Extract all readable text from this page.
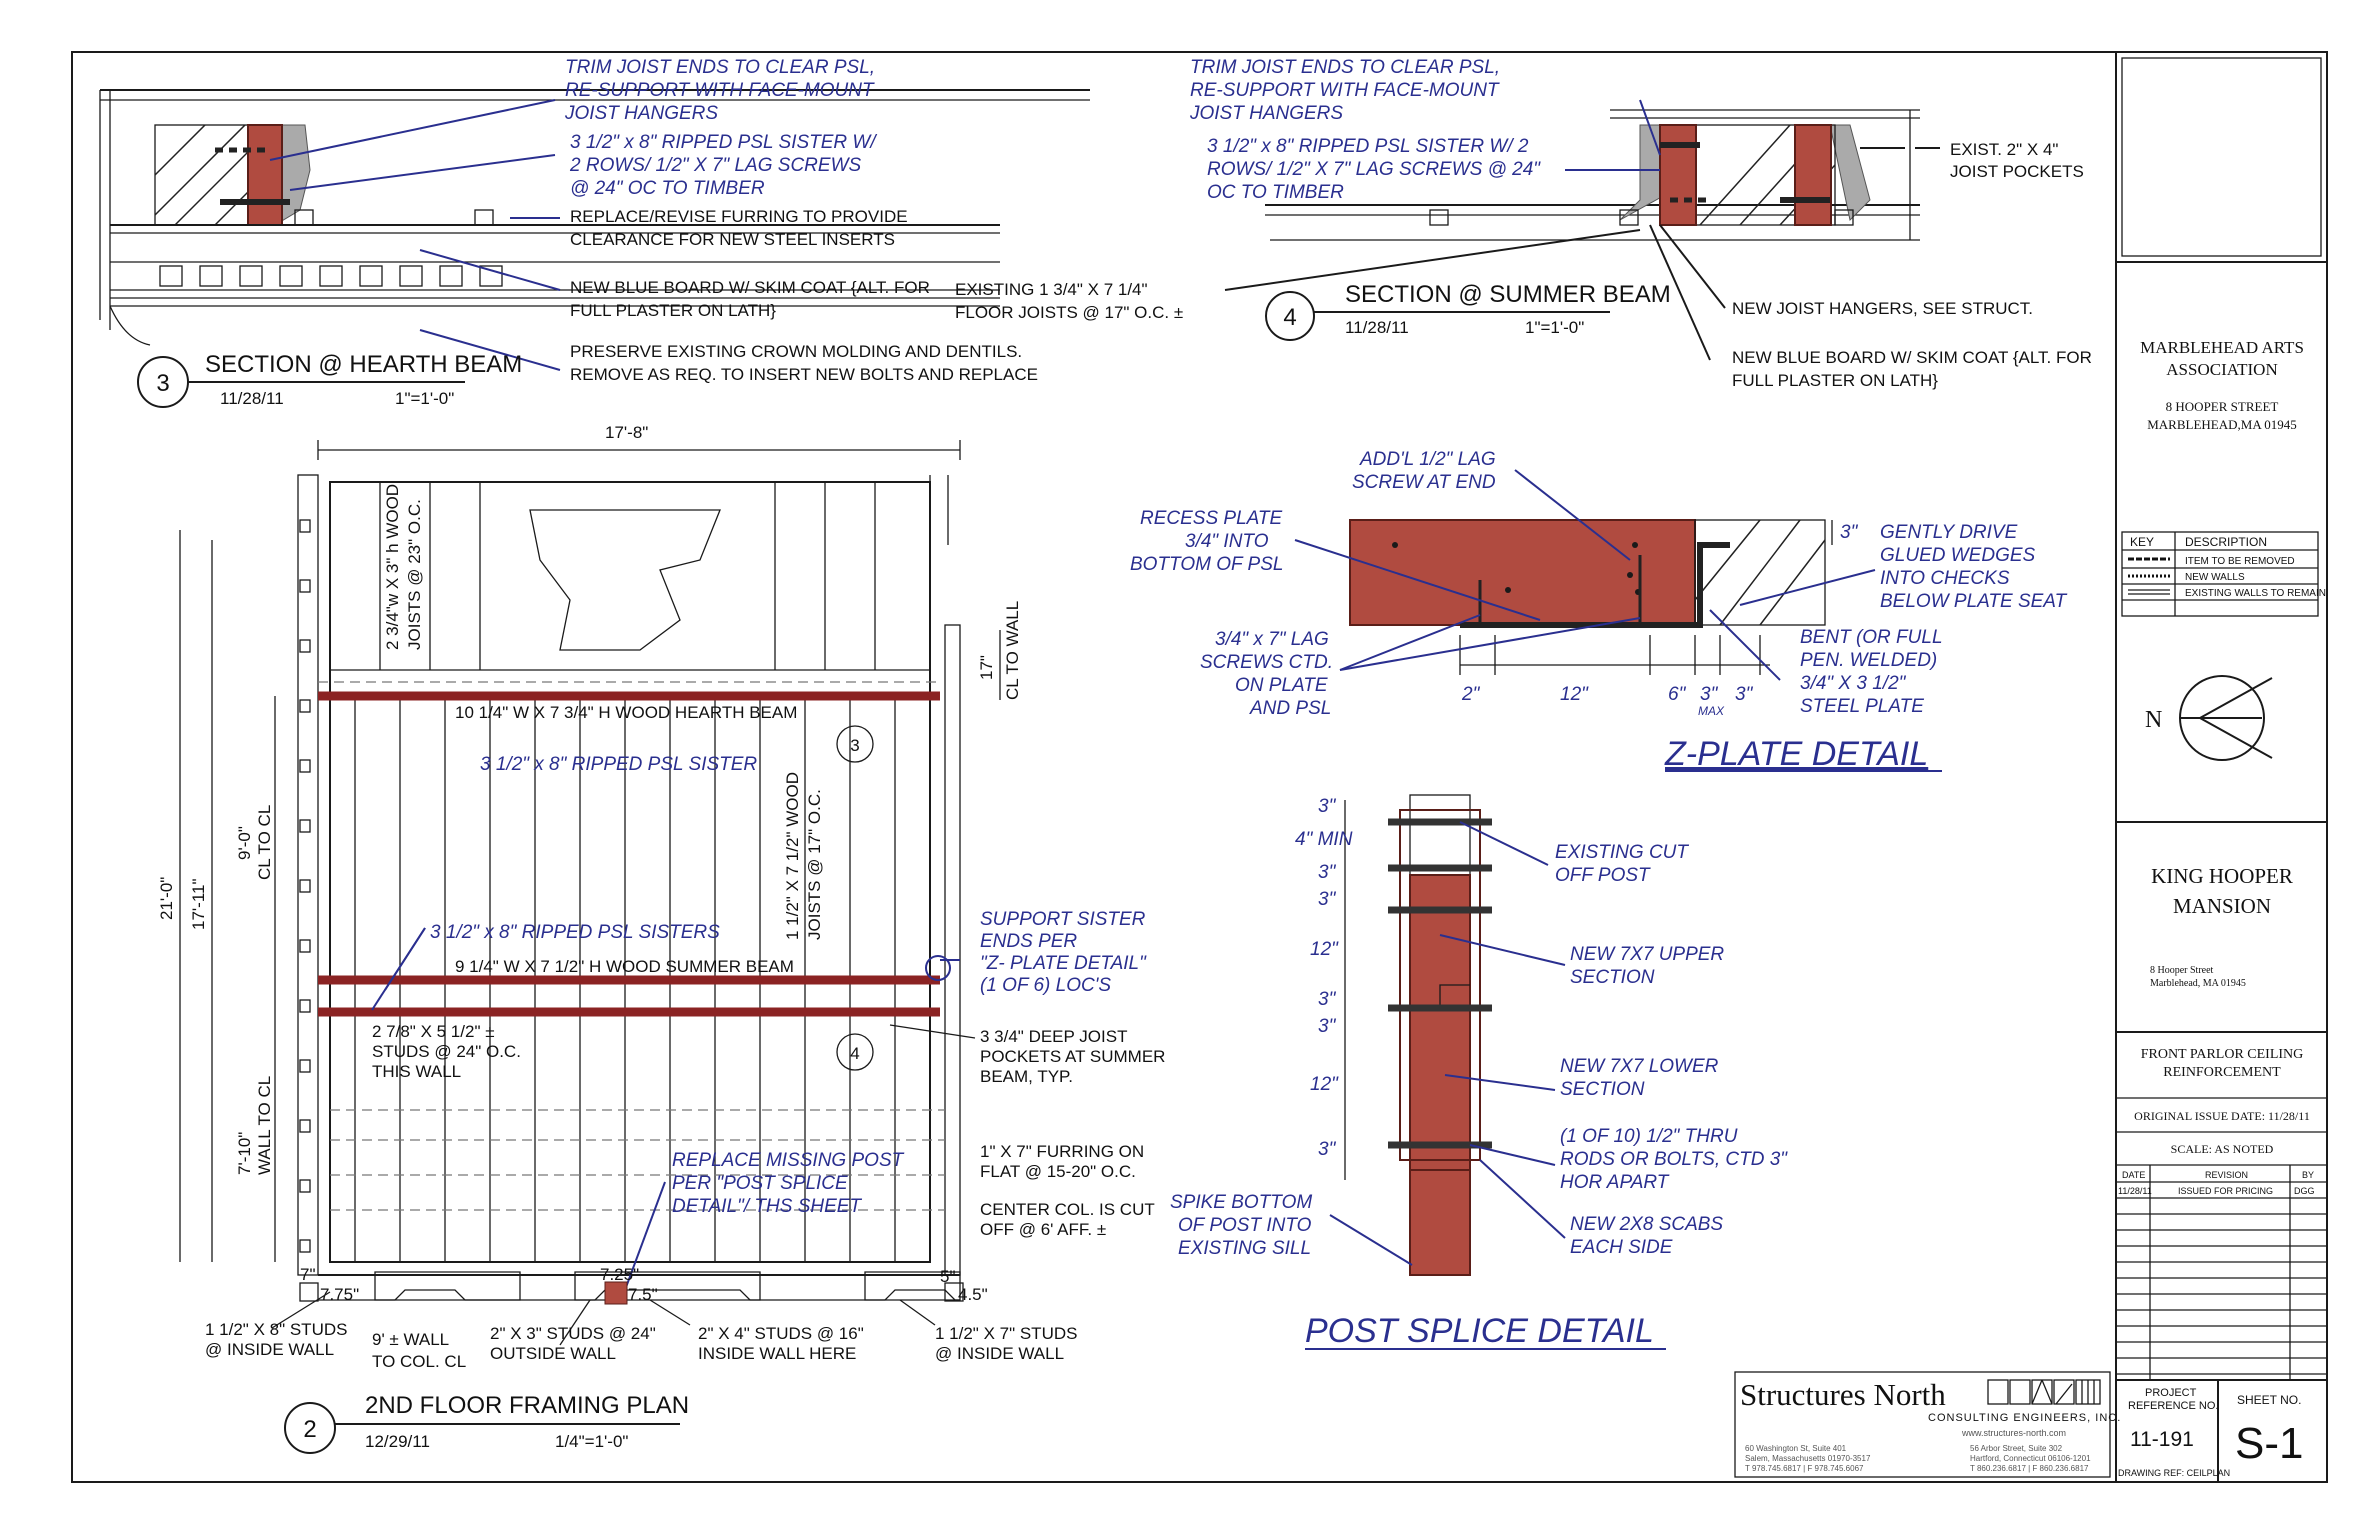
TRIM JOIST ENDS TO CLEAR PSL,
RE-SUPPORT WITH FACE-MOUNT
JOIST HANGERS
3 1/2" x 8" RIPPED PSL SISTER W/
2 ROWS/ 1/2" X 7" LAG SCREWS
@ 24" OC TO TIMBER
REPLACE/REVISE FURRING TO PROVIDE
CLEARANCE FOR NEW STEEL INSERTS
NEW BLUE BOARD W/ SKIM COAT {ALT. FOR
FULL PLASTER ON LATH}
PRESERVE EXISTING CROWN MOLDING AND DENTILS.
REMOVE AS REQ. TO INSERT NEW BOLTS AND REPLACE
3
SECTION @ HEARTH BEAM
11/28/11	1"=1'-0"
TRIM JOIST ENDS TO CLEAR PSL,
RE-SUPPORT WITH FACE-MOUNT
JOIST HANGERS
3 1/2" x 8" RIPPED PSL SISTER W/ 2
ROWS/ 1/2" X 7" LAG SCREWS @ 24"
OC TO TIMBER
EXISTING 1 3/4" X 7 1/4"
FLOOR JOISTS @ 17" O.C. ±
EXIST. 2" X 4"
JOIST POCKETS
NEW JOIST HANGERS, SEE STRUCT.
NEW BLUE BOARD W/ SKIM COAT {ALT. FOR
FULL PLASTER ON LATH}
4
SECTION @ SUMMER BEAM
11/28/11	1"=1'-0"
17'-8"
10 1/4" W X 7 3/4" H WOOD HEARTH BEAM
3 1/2" x 8" RIPPED PSL SISTER
3 1/2" x 8" RIPPED PSL SISTERS
9 1/4" W X 7 1/2" H WOOD SUMMER BEAM
2 3/4"w X 3" h WOOD JOISTS @ 23" O.C.
1 1/2" X 7 1/2" WOOD JOISTS @ 17" O.C.
3
4
21'-0" 17'-11"
9'-0" CL TO CL
7'-10" WALL TO CL
17" CL TO WALL
SUPPORT SISTER
ENDS PER
"Z- PLATE DETAIL"
(1 OF 6) LOC'S
3 3/4" DEEP JOIST
POCKETS AT SUMMER
BEAM, TYP.
2 7/8" X 5 1/2" ±
STUDS @ 24" O.C.
THIS WALL
1" X 7" FURRING ON
FLAT @ 15-20" O.C.
CENTER COL. IS CUT
OFF @ 6' AFF. ±
REPLACE MISSING POST
PER "POST SPLICE
DETAIL"/ THS SHEET
7.75"
7"	7.25"
7.5"
5"
4.5"
1 1/2" X 8" STUDS
@ INSIDE WALL
9' ± WALL
TO COL. CL
2" X 3" STUDS @ 24"
OUTSIDE WALL
2" X 4" STUDS @ 16"
INSIDE WALL HERE
1 1/2" X 7" STUDS
@ INSIDE WALL
2
2ND FLOOR FRAMING PLAN
12/29/11	1/4"=1'-0"
ADD'L 1/2" LAG
SCREW AT END
RECESS PLATE
3/4" INTO
BOTTOM OF PSL
3/4" x 7" LAG
SCREWS CTD.
ON PLATE
AND PSL
GENTLY DRIVE
GLUED WEDGES
INTO CHECKS
BELOW PLATE SEAT
BENT (OR FULL
PEN. WELDED)
3/4" X 3 1/2"
STEEL PLATE
3"
2"	12"	6" 3" 3"
MAX
Z-PLATE DETAIL
3"
4" MIN
3"
3"
12"
3"
3"
12"
3"
EXISTING CUT
OFF POST
NEW 7X7 UPPER
SECTION
NEW 7X7 LOWER
SECTION
(1 OF 10) 1/2" THRU
RODS OR BOLTS, CTD 3"
HOR APART
NEW 2X8 SCABS
EACH SIDE
SPIKE BOTTOM
OF POST INTO
EXISTING SILL
POST SPLICE DETAIL
Structures North
CONSULTING ENGINEERS, INC.
www.structures-north.com
60 Washington St, Suite 401
Salem, Massachusetts 01970-3517
T 978.745.6817 | F 978.745.6067
56 Arbor Street, Suite 302
Hartford, Connecticut 06106-1201
T 860.236.6817 | F 860.236.6817
MARBLEHEAD ARTS
ASSOCIATION
8 HOOPER STREET
MARBLEHEAD,MA 01945
KEY	DESCRIPTION
ITEM TO BE REMOVED
NEW WALLS
EXISTING WALLS TO REMAIN
N
KING HOOPER
MANSION
8 Hooper Street
Marblehead, MA 01945
FRONT PARLOR CEILING
REINFORCEMENT
ORIGINAL ISSUE DATE: 11/28/11
SCALE: AS NOTED
DATE	REVISION	BY
11/28/11	ISSUED FOR PRICING DGG
PROJECT
REFERENCE NO. SHEET NO.
11-191 S-1
DRAWING REF: CEILPLAN
